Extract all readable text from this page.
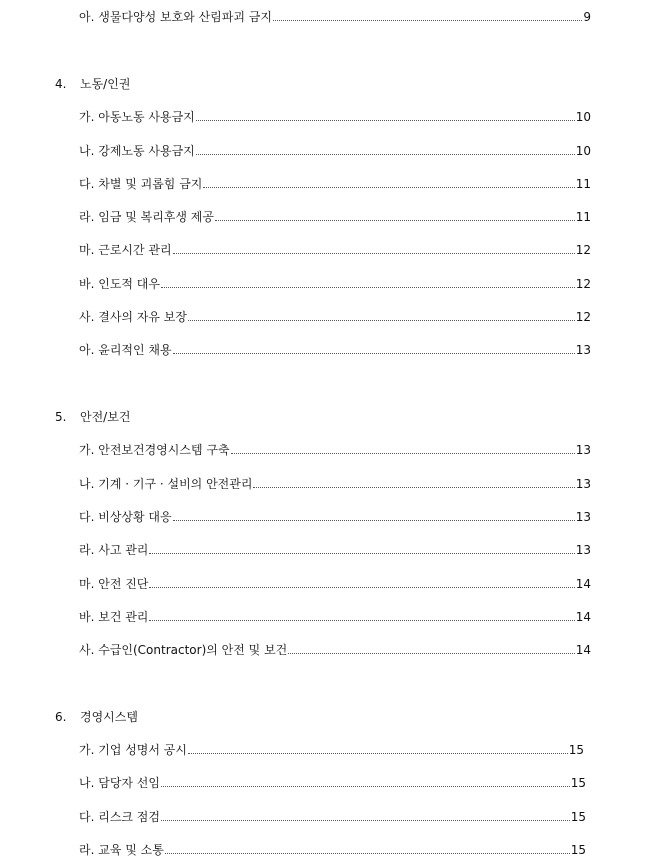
아. 생물다양성 보호와 산림파괴 금지	9
4. 노동/인권
가. 아동노동 사용금지	10
나. 강제노동 사용금지	10
다. 차별 및 괴롭힘 금지	11
라. 임금 및 복리후생 제공	11
마. 근로시간 관리	12
바. 인도적 대우	12
사. 결사의 자유 보장	12
아. 윤리적인 채용	13
5. 안전/보건
가. 안전보건경영시스템 구축	13
나. 기계 · 기구 · 설비의 안전관리	13
다. 비상상황 대응	13
라. 사고 관리	13
마. 안전 진단	14
바. 보건 관리	14
사. 수급인(Contractor)의 안전 및 보건	14
6. 경영시스템
가. 기업 성명서 공시	15
나. 담당자 선임	15
다. 리스크 점검	15
라. 교육 및 소통	15
